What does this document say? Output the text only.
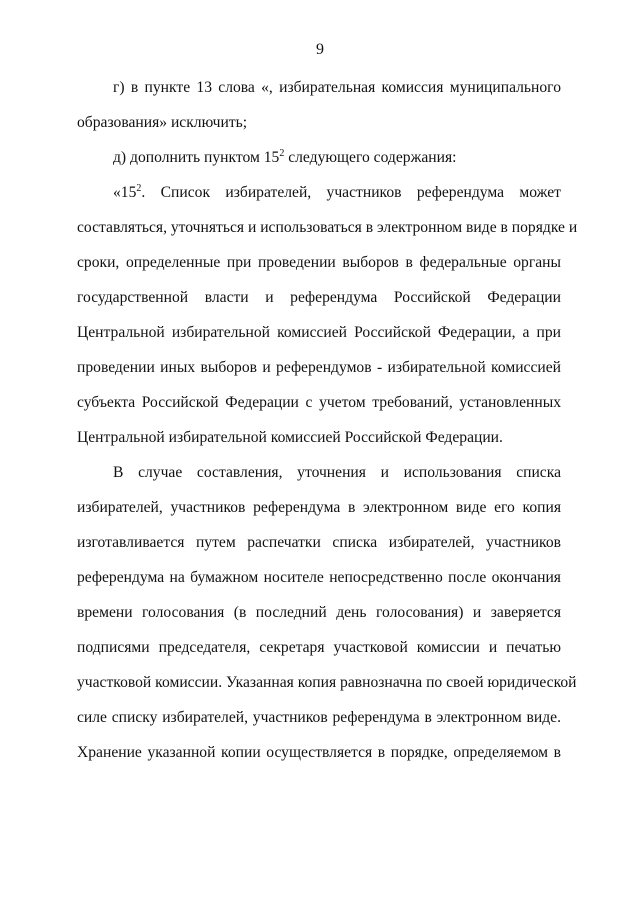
9
г) в пункте 13 слова «, избирательная комиссия муниципального
образования» исключить;
д) дополнить пунктом $15^2$ следующего содержания:
«$15^2$. Список избирателей, участников референдума может
составляться, уточняться и использоваться в электронном виде в порядке и
сроки, определенные при проведении выборов в федеральные органы
государственной власти и референдума Российской Федерации
Центральной избирательной комиссией Российской Федерации, а при
проведении иных выборов и референдумов - избирательной комиссией
субъекта Российской Федерации с учетом требований, установленных
Центральной избирательной комиссией Российской Федерации.
В случае составления, уточнения и использования списка
избирателей, участников референдума в электронном виде его копия
изготавливается путем распечатки списка избирателей, участников
референдума на бумажном носителе непосредственно после окончания
времени голосования (в последний день голосования) и заверяется
подписями председателя, секретаря участковой комиссии и печатью
участковой комиссии. Указанная копия равнозначна по своей юридической
силе списку избирателей, участников референдума в электронном виде.
Хранение указанной копии осуществляется в порядке, определяемом в
